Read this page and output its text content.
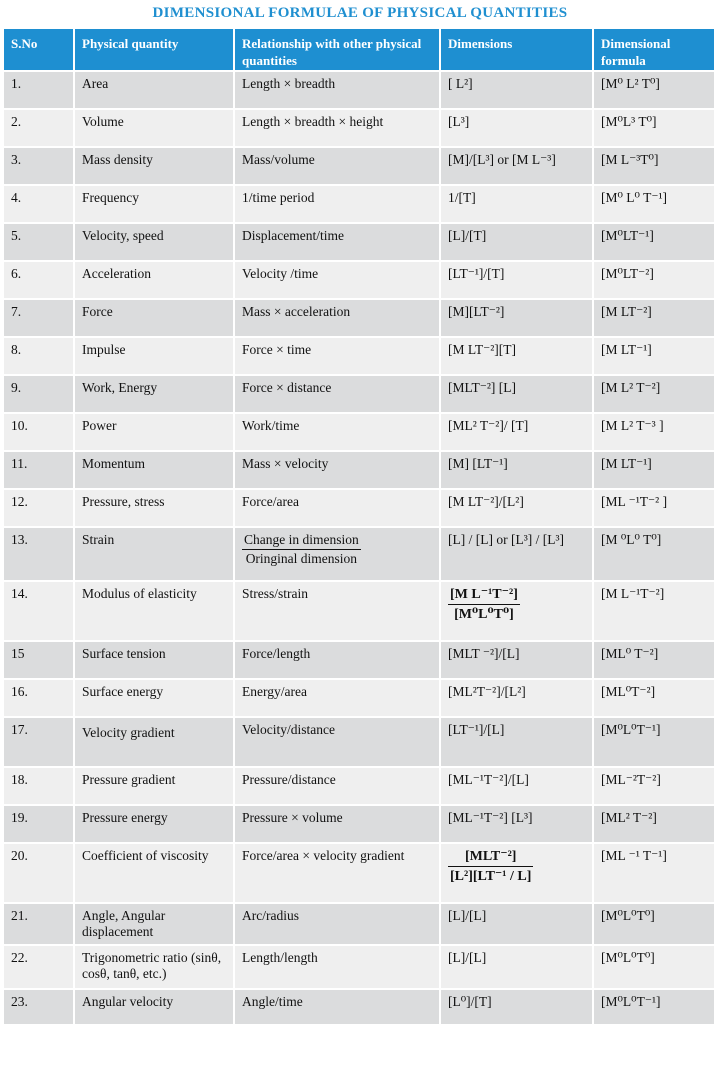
DIMENSIONAL FORMULAE OF PHYSICAL QUANTITIES
S.No	Physical quantity	Relationship with other physical quantities	Dimensions	Dimensional formula
1.	Area	Length × breadth	[ L²]	[M⁰ L² T⁰]
2.	Volume	Length × breadth × height	[L³]	[M⁰L³ T⁰]
3.	Mass density	Mass/volume	[M]/[L³] or [M L⁻³]	[M L⁻³T⁰]
4.	Frequency	1/time period	1/[T]	[M⁰ L⁰ T⁻¹]
5.	Velocity, speed	Displacement/time	[L]/[T]	[M⁰LT⁻¹]
6.	Acceleration	Velocity /time	[LT⁻¹]/[T]	[M⁰LT⁻²]
7.	Force	Mass × acceleration	[M][LT⁻²]	[M LT⁻²]
8.	Impulse	Force × time	[M LT⁻²][T]	[M LT⁻¹]
9.	Work, Energy	Force × distance	[MLT⁻²] [L]	[M L² T⁻²]
10.	Power	Work/time	[ML² T⁻²]/ [T]	[M L² T⁻³ ]
11.	Momentum	Mass × velocity	[M] [LT⁻¹]	[M LT⁻¹]
12.	Pressure, stress	Force/area	[M LT⁻²]/[L²]	[ML ⁻¹T⁻² ]
13.	Strain	$\frac{\text{Change in dimension}}{\text{Oringinal dimension}}$	[L] / [L] or [L³] / [L³]	[M ⁰L⁰ T⁰]
14.	Modulus of elasticity	Stress/strain	$\frac{\text{[M L⁻¹T⁻²]}}{\text{[M⁰L⁰T⁰]}}$	[M L⁻¹T⁻²]
15	Surface tension	Force/length	[MLT ⁻²]/[L]	[ML⁰ T⁻²]
16.	Surface energy	Energy/area	[ML²T⁻²]/[L²]	[ML⁰T⁻²]
17.	Velocity gradient	Velocity/distance	[LT⁻¹]/[L]	[M⁰L⁰T⁻¹]
18.	Pressure gradient	Pressure/distance	[ML⁻¹T⁻²]/[L]	[ML⁻²T⁻²]
19.	Pressure energy	Pressure × volume	[ML⁻¹T⁻²] [L³]	[ML² T⁻²]
20.	Coefficient of viscosity	Force/area × velocity gradient	$\frac{\text{[MLT⁻²]}}{\text{[L²][LT⁻¹ / L]}}$	[ML ⁻¹ T⁻¹]
21.	Angle, Angular displacement	Arc/radius	[L]/[L]	[M⁰L⁰T⁰]
22.	Trigonometric ratio (sinθ, cosθ, tanθ, etc.)	Length/length	[L]/[L]	[M⁰L⁰T⁰]
23.	Angular velocity	Angle/time	[L⁰]/[T]	[M⁰L⁰T⁻¹]
